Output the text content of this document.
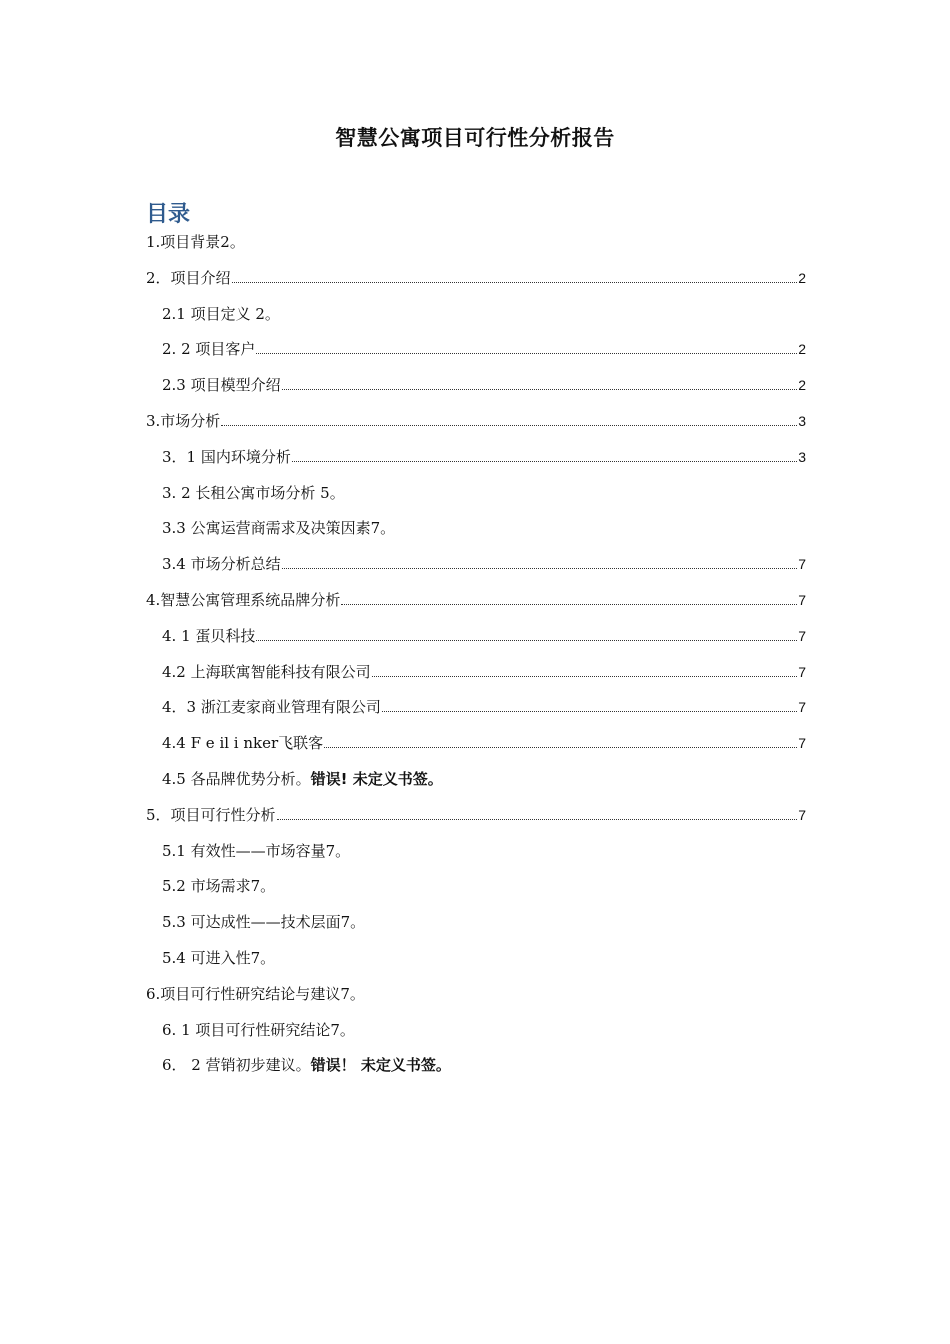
智慧公寓项目可行性分析报告
目录
1.项目背景2。
2．项目介绍	2
2.1 项目定义 2。
2. 2 项目客户	2
2.3 项目模型介绍	2
3.市场分析	3
3．1 国内环境分析	3
3. 2 长租公寓市场分析 5。
3.3 公寓运营商需求及决策因素7。
3.4 市场分析总结	7
4.智慧公寓管理系统品牌分析	7
4. 1 蛋贝科技	7
4.2 上海联寓智能科技有限公司	7
4．3 浙江麦家商业管理有限公司	7
4.4 F e il i nker飞联客	7
4.5 各品牌优势分析。 错误! 未定义书签。
5．项目可行性分析	7
5.1 有效性——市场容量7。
5.2 市场需求7。
5.3 可达成性——技术层面7。
5.4 可进入性7。
6.项目可行性研究结论与建议7。
6. 1 项目可行性研究结论7。
6． 2 营销初步建议。 错误！ 未定义书签。
